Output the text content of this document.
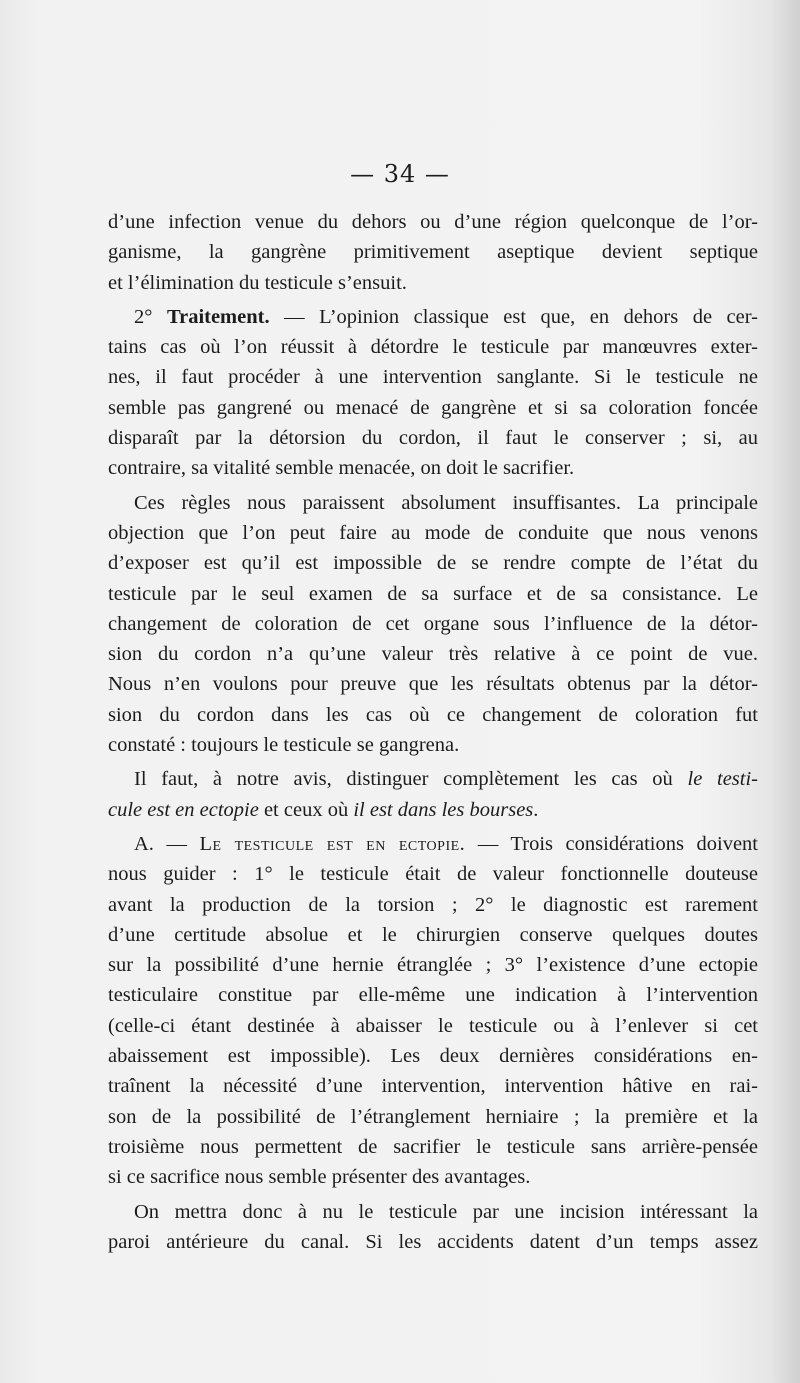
— 34 —
d’une infection venue du dehors ou d’une région quelconque de l’or-
ganisme, la gangrène primitivement aseptique devient septique
et l’élimination du testicule s’ensuit.
2° Traitement. — L’opinion classique est que, en dehors de cer-
tains cas où l’on réussit à détordre le testicule par manœuvres exter-
nes, il faut procéder à une intervention sanglante. Si le testicule ne
semble pas gangrené ou menacé de gangrène et si sa coloration foncée
disparaît par la détorsion du cordon, il faut le conserver ; si, au
contraire, sa vitalité semble menacée, on doit le sacrifier.
Ces règles nous paraissent absolument insuffisantes. La principale
objection que l’on peut faire au mode de conduite que nous venons
d’exposer est qu’il est impossible de se rendre compte de l’état du
testicule par le seul examen de sa surface et de sa consistance. Le
changement de coloration de cet organe sous l’influence de la détor-
sion du cordon n’a qu’une valeur très relative à ce point de vue.
Nous n’en voulons pour preuve que les résultats obtenus par la détor-
sion du cordon dans les cas où ce changement de coloration fut
constaté : toujours le testicule se gangrena.
Il faut, à notre avis, distinguer complètement les cas où le testi-
cule est en ectopie et ceux où il est dans les bourses.
A. — Le testicule est en ectopie. — Trois considérations doivent
nous guider : 1° le testicule était de valeur fonctionnelle douteuse
avant la production de la torsion ; 2° le diagnostic est rarement
d’une certitude absolue et le chirurgien conserve quelques doutes
sur la possibilité d’une hernie étranglée ; 3° l’existence d’une ectopie
testiculaire constitue par elle-même une indication à l’intervention
(celle-ci étant destinée à abaisser le testicule ou à l’enlever si cet
abaissement est impossible). Les deux dernières considérations en-
traînent la nécessité d’une intervention, intervention hâtive en rai-
son de la possibilité de l’étranglement herniaire ; la première et la
troisième nous permettent de sacrifier le testicule sans arrière-pensée
si ce sacrifice nous semble présenter des avantages.
On mettra donc à nu le testicule par une incision intéressant la
paroi antérieure du canal. Si les accidents datent d’un temps assez
